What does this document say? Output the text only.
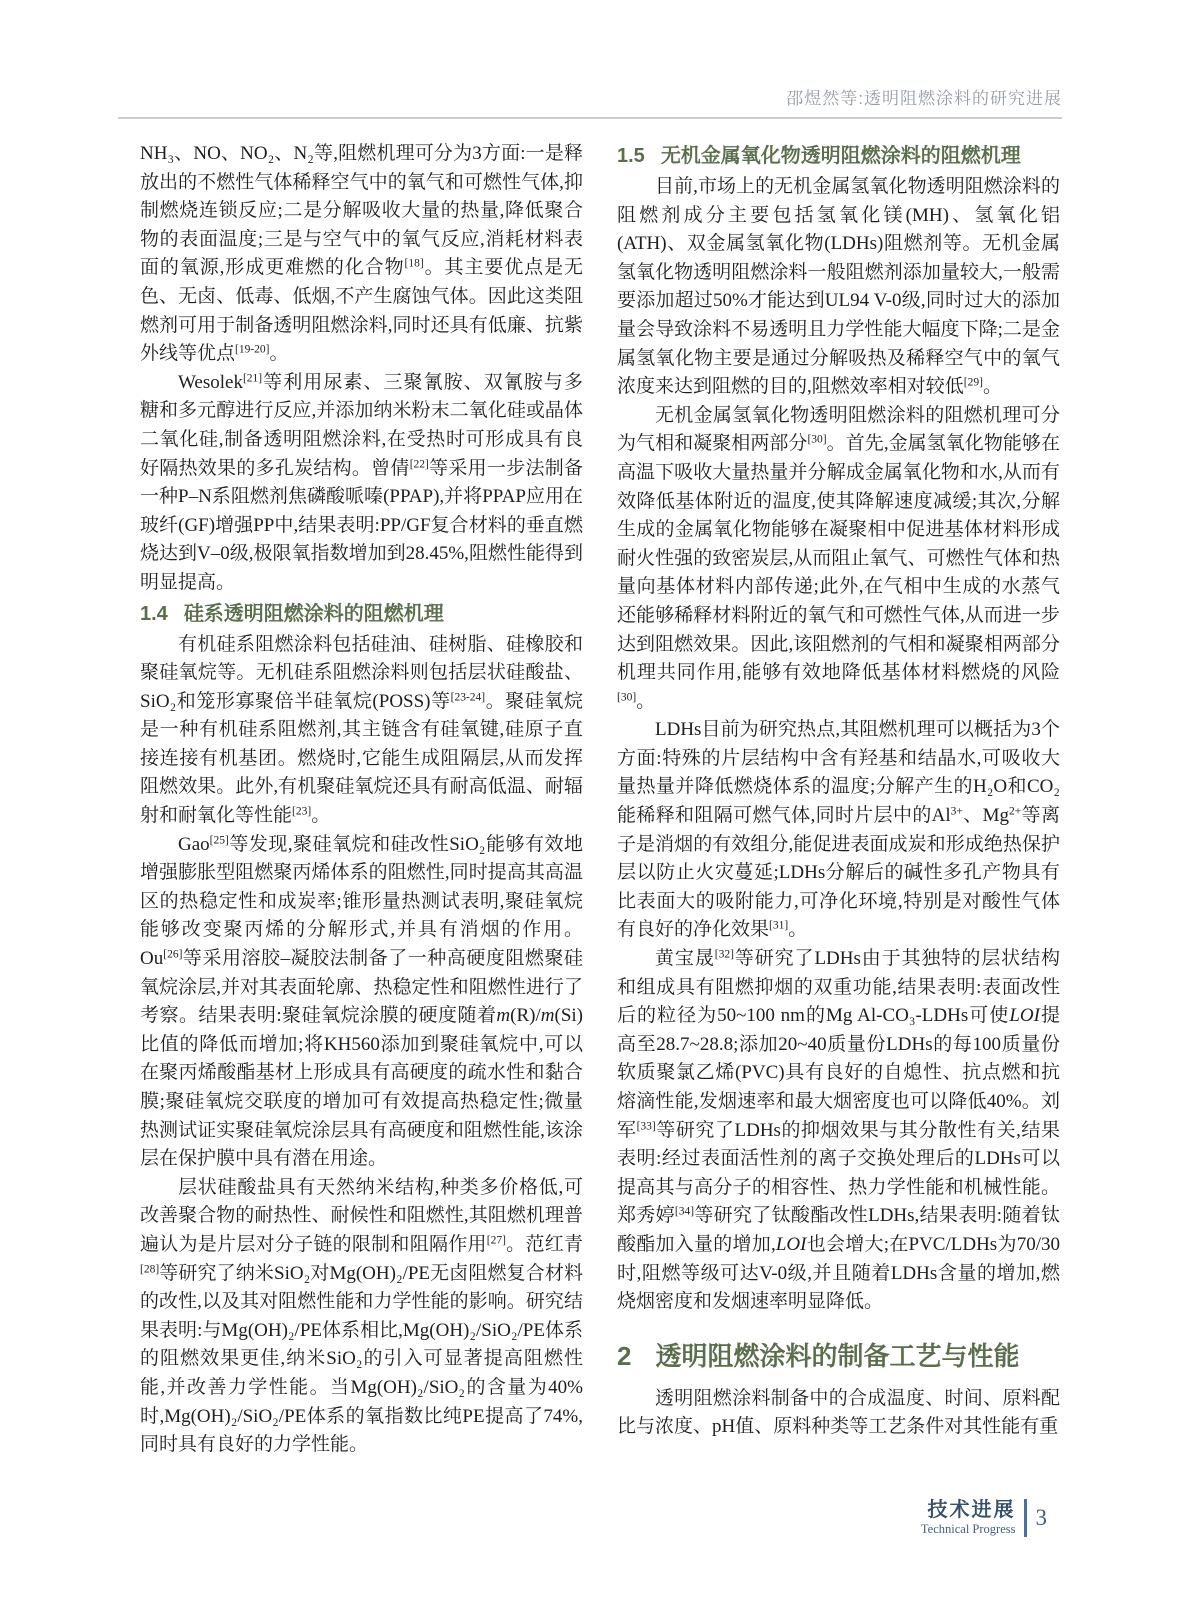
邵煜然等:透明阻燃涂料的研究进展

NH₃、NO、NO₂、N₂等,阻燃机理可分为3方面:一是释放出的不燃性气体稀释空气中的氧气和可燃性气体,抑制燃烧连锁反应;二是分解吸收大量的热量,降低聚合物的表面温度;三是与空气中的氧气反应,消耗材料表面的氧源,形成更难燃的化合物[18]。其主要优点是无色、无卤、低毒、低烟,不产生腐蚀气体。因此这类阻燃剂可用于制备透明阻燃涂料,同时还具有低廉、抗紫外线等优点[19-20]。

Wesolek[21]等利用尿素、三聚氰胺、双氰胺与多糖和多元醇进行反应,并添加纳米粉末二氧化硅或晶体二氧化硅,制备透明阻燃涂料,在受热时可形成具有良好隔热效果的多孔炭结构。曾倩[22]等采用一步法制备一种P–N系阻燃剂焦磷酸哌嗪(PPAP),并将PPAP应用在玻纤(GF)增强PP中,结果表明:PP/GF复合材料的垂直燃烧达到V–0级,极限氧指数增加到28.45%,阻燃性能得到明显提高。

1.4 硅系透明阻燃涂料的阻燃机理

有机硅系阻燃涂料包括硅油、硅树脂、硅橡胶和聚硅氧烷等。无机硅系阻燃涂料则包括层状硅酸盐、SiO₂和笼形寡聚倍半硅氧烷(POSS)等[23-24]。聚硅氧烷是一种有机硅系阻燃剂,其主链含有硅氧键,硅原子直接连接有机基团。燃烧时,它能生成阻隔层,从而发挥阻燃效果。此外,有机聚硅氧烷还具有耐高低温、耐辐射和耐氧化等性能[23]。

Gao[25]等发现,聚硅氧烷和硅改性SiO₂能够有效地增强膨胀型阻燃聚丙烯体系的阻燃性,同时提高其高温区的热稳定性和成炭率;锥形量热测试表明,聚硅氧烷能够改变聚丙烯的分解形式,并具有消烟的作用。Ou[26]等采用溶胶–凝胶法制备了一种高硬度阻燃聚硅氧烷涂层,并对其表面轮廓、热稳定性和阻燃性进行了考察。结果表明:聚硅氧烷涂膜的硬度随着m(R)/m(Si)比值的降低而增加;将KH560添加到聚硅氧烷中,可以在聚丙烯酸酯基材上形成具有高硬度的疏水性和黏合膜;聚硅氧烷交联度的增加可有效提高热稳定性;微量热测试证实聚硅氧烷涂层具有高硬度和阻燃性能,该涂层在保护膜中具有潜在用途。

层状硅酸盐具有天然纳米结构,种类多价格低,可改善聚合物的耐热性、耐候性和阻燃性,其阻燃机理普遍认为是片层对分子链的限制和阻隔作用[27]。范红青[28]等研究了纳米SiO₂对Mg(OH)₂/PE无卤阻燃复合材料的改性,以及其对阻燃性能和力学性能的影响。研究结果表明:与Mg(OH)₂/PE体系相比,Mg(OH)₂/SiO₂/PE体系的阻燃效果更佳,纳米SiO₂的引入可显著提高阻燃性能,并改善力学性能。当Mg(OH)₂/SiO₂的含量为40%时,Mg(OH)₂/SiO₂/PE体系的氧指数比纯PE提高了74%,同时具有良好的力学性能。

1.5 无机金属氧化物透明阻燃涂料的阻燃机理

目前,市场上的无机金属氢氧化物透明阻燃涂料的阻燃剂成分主要包括氢氧化镁(MH)、氢氧化铝(ATH)、双金属氢氧化物(LDHs)阻燃剂等。无机金属氢氧化物透明阻燃涂料一般阻燃剂添加量较大,一般需要添加超过50%才能达到UL94 V-0级,同时过大的添加量会导致涂料不易透明且力学性能大幅度下降;二是金属氢氧化物主要是通过分解吸热及稀释空气中的氧气浓度来达到阻燃的目的,阻燃效率相对较低[29]。

无机金属氢氧化物透明阻燃涂料的阻燃机理可分为气相和凝聚相两部分[30]。首先,金属氢氧化物能够在高温下吸收大量热量并分解成金属氧化物和水,从而有效降低基体附近的温度,使其降解速度减缓;其次,分解生成的金属氧化物能够在凝聚相中促进基体材料形成耐火性强的致密炭层,从而阻止氧气、可燃性气体和热量向基体材料内部传递;此外,在气相中生成的水蒸气还能够稀释材料附近的氧气和可燃性气体,从而进一步达到阻燃效果。因此,该阻燃剂的气相和凝聚相两部分机理共同作用,能够有效地降低基体材料燃烧的风险[30]。

LDHs目前为研究热点,其阻燃机理可以概括为3个方面:特殊的片层结构中含有羟基和结晶水,可吸收大量热量并降低燃烧体系的温度;分解产生的H₂O和CO₂能稀释和阻隔可燃气体,同时片层中的$Al^{3+}$、$Mg^{2+}$等离子是消烟的有效组分,能促进表面成炭和形成绝热保护层以防止火灾蔓延;LDHs分解后的碱性多孔产物具有比表面大的吸附能力,可净化环境,特别是对酸性气体有良好的净化效果[31]。

黄宝晟[32]等研究了LDHs由于其独特的层状结构和组成具有阻燃抑烟的双重功能,结果表明:表面改性后的粒径为50~100 nm的Mg Al-CO₃-LDHs可使LOI提高至28.7~28.8;添加20~40质量份LDHs的每100质量份软质聚氯乙烯(PVC)具有良好的自熄性、抗点燃和抗熔滴性能,发烟速率和最大烟密度也可以降低40%。刘军[33]等研究了LDHs的抑烟效果与其分散性有关,结果表明:经过表面活性剂的离子交换处理后的LDHs可以提高其与高分子的相容性、热力学性能和机械性能。郑秀婷[34]等研究了钛酸酯改性LDHs,结果表明:随着钛酸酯加入量的增加,LOI也会增大;在PVC/LDHs为70/30时,阻燃等级可达V-0级,并且随着LDHs含量的增加,燃烧烟密度和发烟速率明显降低。

2 透明阻燃涂料的制备工艺与性能

透明阻燃涂料制备中的合成温度、时间、原料配比与浓度、pH值、原料种类等工艺条件对其性能有重

技术进展
Technical Progress 3
